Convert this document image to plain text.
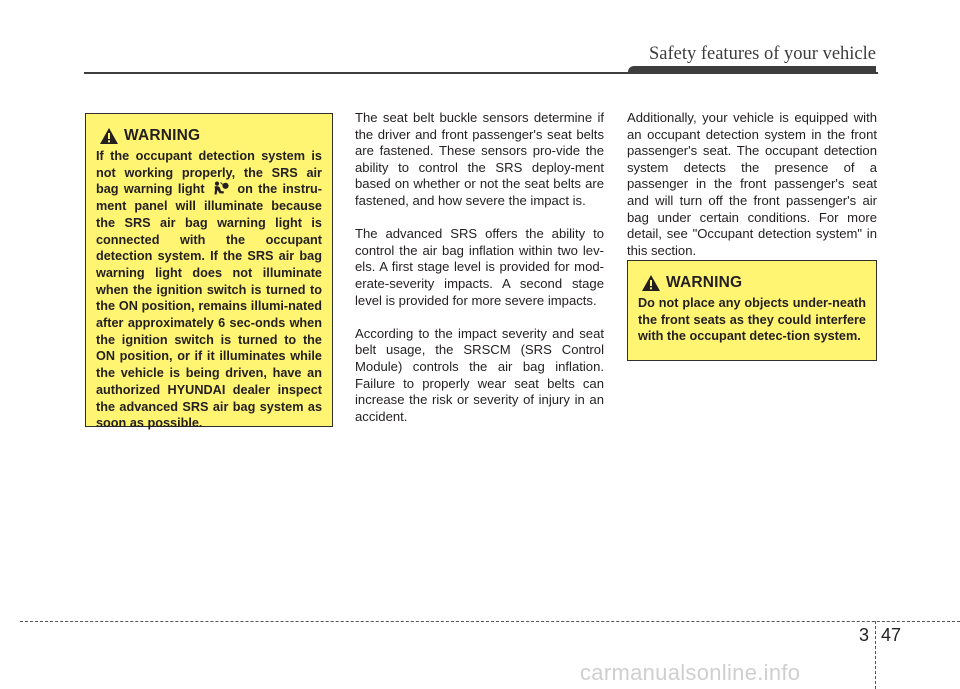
Safety features of your vehicle
WARNING
If the occupant detection system is not working properly, the SRS air bag warning light	on the instru-ment panel will illuminate because the SRS air bag warning light is connected with the occupant detection system. If the SRS air bag warning light does not illuminate when the ignition switch is turned to the ON position, remains illumi-nated after approximately 6 sec-onds when the ignition switch is turned to the ON position, or if it illuminates while the vehicle is being driven, have an authorized HYUNDAI dealer inspect the advanced SRS air bag system as soon as possible.

The seat belt buckle sensors determine if the driver and front passenger's seat belts are fastened. These sensors pro-vide the ability to control the SRS deploy-ment based on whether or not the seat belts are fastened, and how severe the impact is.

The advanced SRS offers the ability to control the air bag inflation within two lev-els. A first stage level is provided for mod-erate-severity impacts. A second stage level is provided for more severe impacts.

According to the impact severity and seat belt usage, the SRSCM (SRS Control Module) controls the air bag inflation. Failure to properly wear seat belts can increase the risk or severity of injury in an accident.

Additionally, your vehicle is equipped with an occupant detection system in the front passenger's seat. The occupant detection system detects the presence of a passenger in the front passenger's seat and will turn off the front passenger's air bag under certain conditions. For more detail, see "Occupant detection system" in this section.

WARNING
Do not place any objects under-neath the front seats as they could interfere with the occupant detec-tion system.
3 47
carmanualsonline.info
